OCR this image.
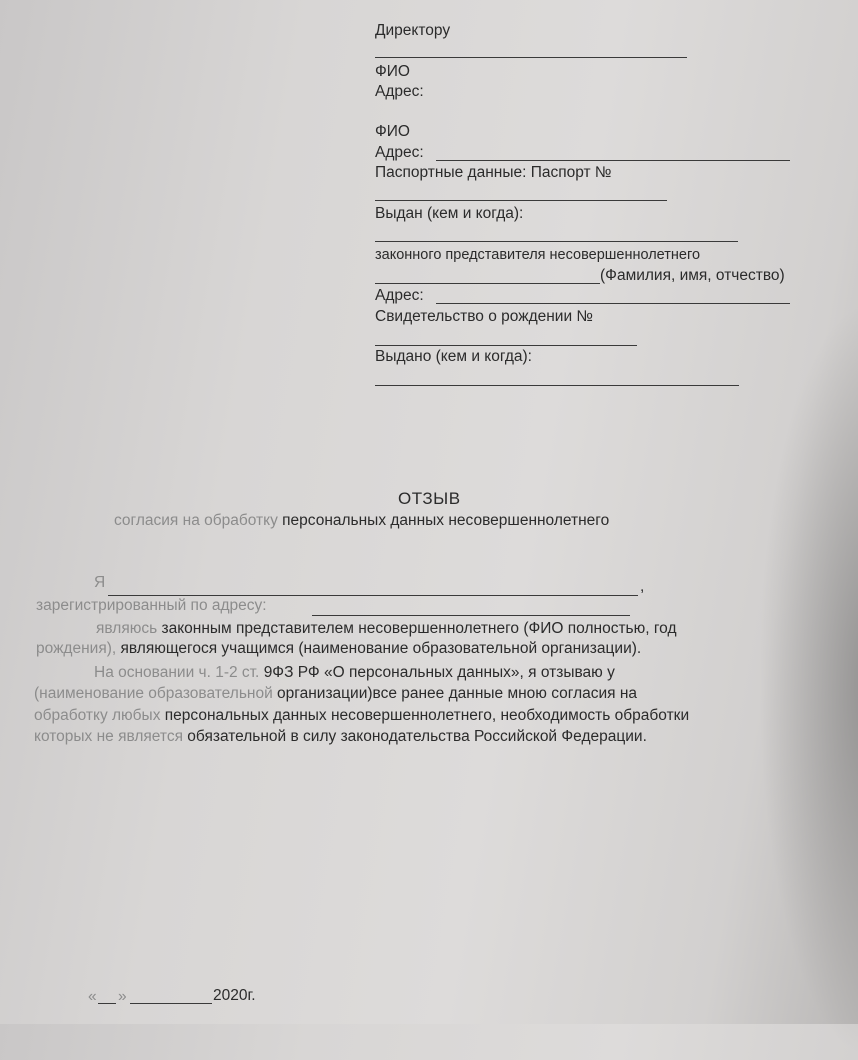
Директору
ФИО
Адрес:
ФИО
Адрес:
Паспортные данные: Паспорт №
Выдан (кем и когда):
законного представителя несовершеннолетнего
(Фамилия, имя, отчество)
Адрес:
Свидетельство о рождении №
Выдано (кем и когда):
ОТЗЫВ
согласия на обработку персональных данных несовершеннолетнего
Я	,
зарегистрированный по адресу:
являюсь законным представителем несовершеннолетнего (ФИО полностью, год
рождения), являющегося учащимся (наименование образовательной организации).
На основании ч. 1-2 ст. 9ФЗ РФ «О персональных данных», я отзываю у
(наименование образовательной организации)все ранее данные мною согласия на
обработку любых персональных данных несовершеннолетнего, необходимость обработки
которых не является обязательной в силу законодательства Российской Федерации.
« »	2020г.
